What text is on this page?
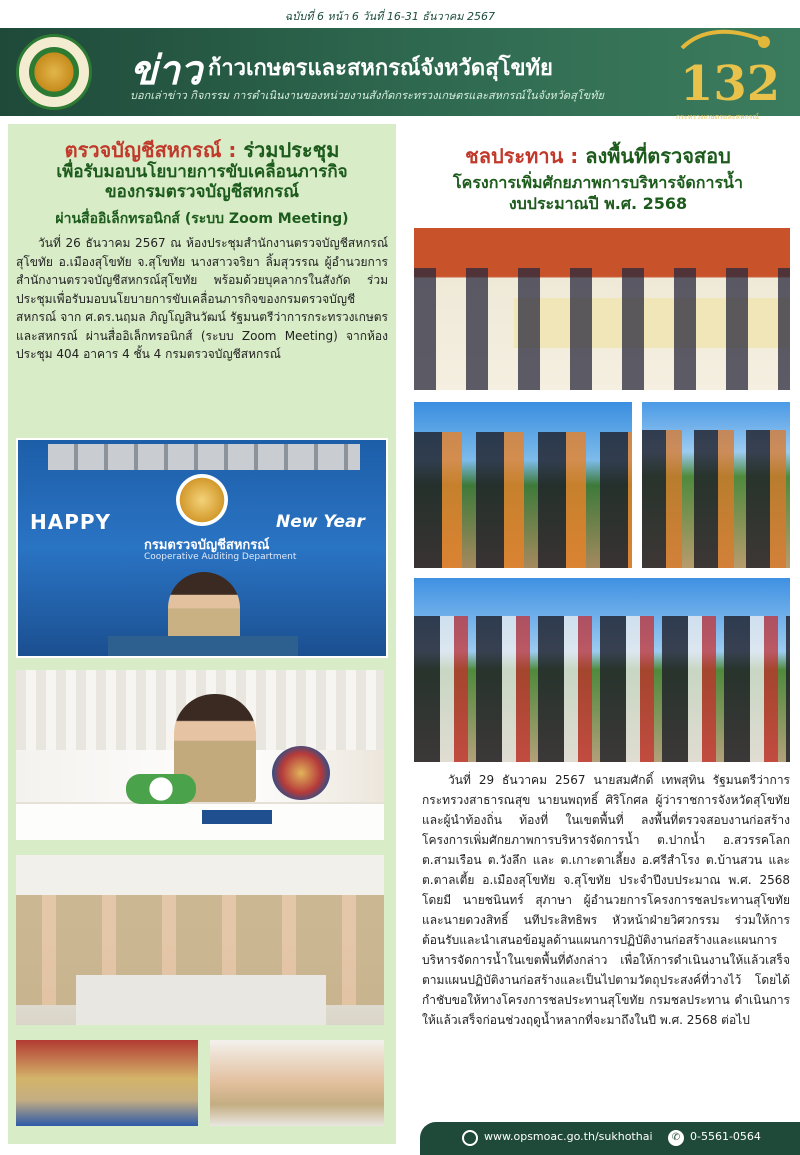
ฉบับที่ 6 หน้า 6 วันที่ 16-31 ธันวาคม 2567
ข่าว ก้าวเกษตรและสหกรณ์จังหวัดสุโขทัย
บอกเล่าข่าว กิจกรรม การดำเนินงานของหน่วยงานสังกัดกระทรวงเกษตรและสหกรณ์ในจังหวัดสุโขทัย 132
กระทรวงเกษตรและสหกรณ์
ตรวจบัญชีสหกรณ์ : ร่วมประชุม
เพื่อรับมอบนโยบายการขับเคลื่อนภารกิจ
ของกรมตรวจบัญชีสหกรณ์
ผ่านสื่ออิเล็กทรอนิกส์ (ระบบ Zoom Meeting)
วันที่ 26 ธันวาคม 2567 ณ ห้องประชุมสำนักงานตรวจบัญชีสหกรณ์สุโขทัย อ.เมืองสุโขทัย จ.สุโขทัย นางสาวจริยา ลิ้มสุวรรณ ผู้อำนวยการสำนักงานตรวจบัญชีสหกรณ์สุโขทัย พร้อมด้วยบุคลากรในสังกัด ร่วมประชุมเพื่อรับมอบนโยบายการขับเคลื่อนภารกิจของกรมตรวจบัญชีสหกรณ์ จาก ศ.ดร.นฤมล ภิญโญสินวัฒน์ รัฐมนตรีว่าการกระทรวงเกษตรและสหกรณ์ ผ่านสื่ออิเล็กทรอนิกส์ (ระบบ Zoom Meeting) จากห้องประชุม 404 อาคาร 4 ชั้น 4 กรมตรวจบัญชีสหกรณ์
HAPPY	New Year
กรมตรวจบัญชีสหกรณ์
Cooperative Auditing Department
ชลประทาน : ลงพื้นที่ตรวจสอบ
โครงการเพิ่มศักยภาพการบริหารจัดการน้ำ
งบประมาณปี พ.ศ. 2568
วันที่ 29 ธันวาคม 2567 นายสมศักดิ์ เทพสุทิน รัฐมนตรีว่าการกระทรวงสาธารณสุข นายนพฤทธิ์ ศิริโกศล ผู้ว่าราชการจังหวัดสุโขทัย และผู้นำท้องถิ่น ท้องที่ ในเขตพื้นที่ ลงพื้นที่ตรวจสอบงานก่อสร้างโครงการเพิ่มศักยภาพการบริหารจัดการน้ำ ต.ปากน้ำ อ.สวรรคโลก ต.สามเรือน ต.วังลึก และ ต.เกาะตาเลี้ยง อ.ศรีสำโรง ต.บ้านสวน และ ต.ตาลเตี้ย อ.เมืองสุโขทัย จ.สุโขทัย ประจำปีงบประมาณ พ.ศ. 2568 โดยมี นายชนินทร์ สุภาษา ผู้อำนวยการโครงการชลประทานสุโขทัย และนายดวงสิทธิ์ นทีประสิทธิพร หัวหน้าฝ่ายวิศวกรรม ร่วมให้การต้อนรับและนำเสนอข้อมูลด้านแผนการปฏิบัติงานก่อสร้างและแผนการบริหารจัดการน้ำในเขตพื้นที่ดังกล่าว เพื่อให้การดำเนินงานให้แล้วเสร็จตามแผนปฏิบัติงานก่อสร้างและเป็นไปตามวัตถุประสงค์ที่วางไว้ โดยได้กำชับขอให้ทางโครงการชลประทานสุโขทัย กรมชลประทาน ดำเนินการให้แล้วเสร็จก่อนช่วงฤดูน้ำหลากที่จะมาถึงในปี พ.ศ. 2568 ต่อไป
www.opsmoac.go.th/sukhothai	✆ 0-5561-0564
